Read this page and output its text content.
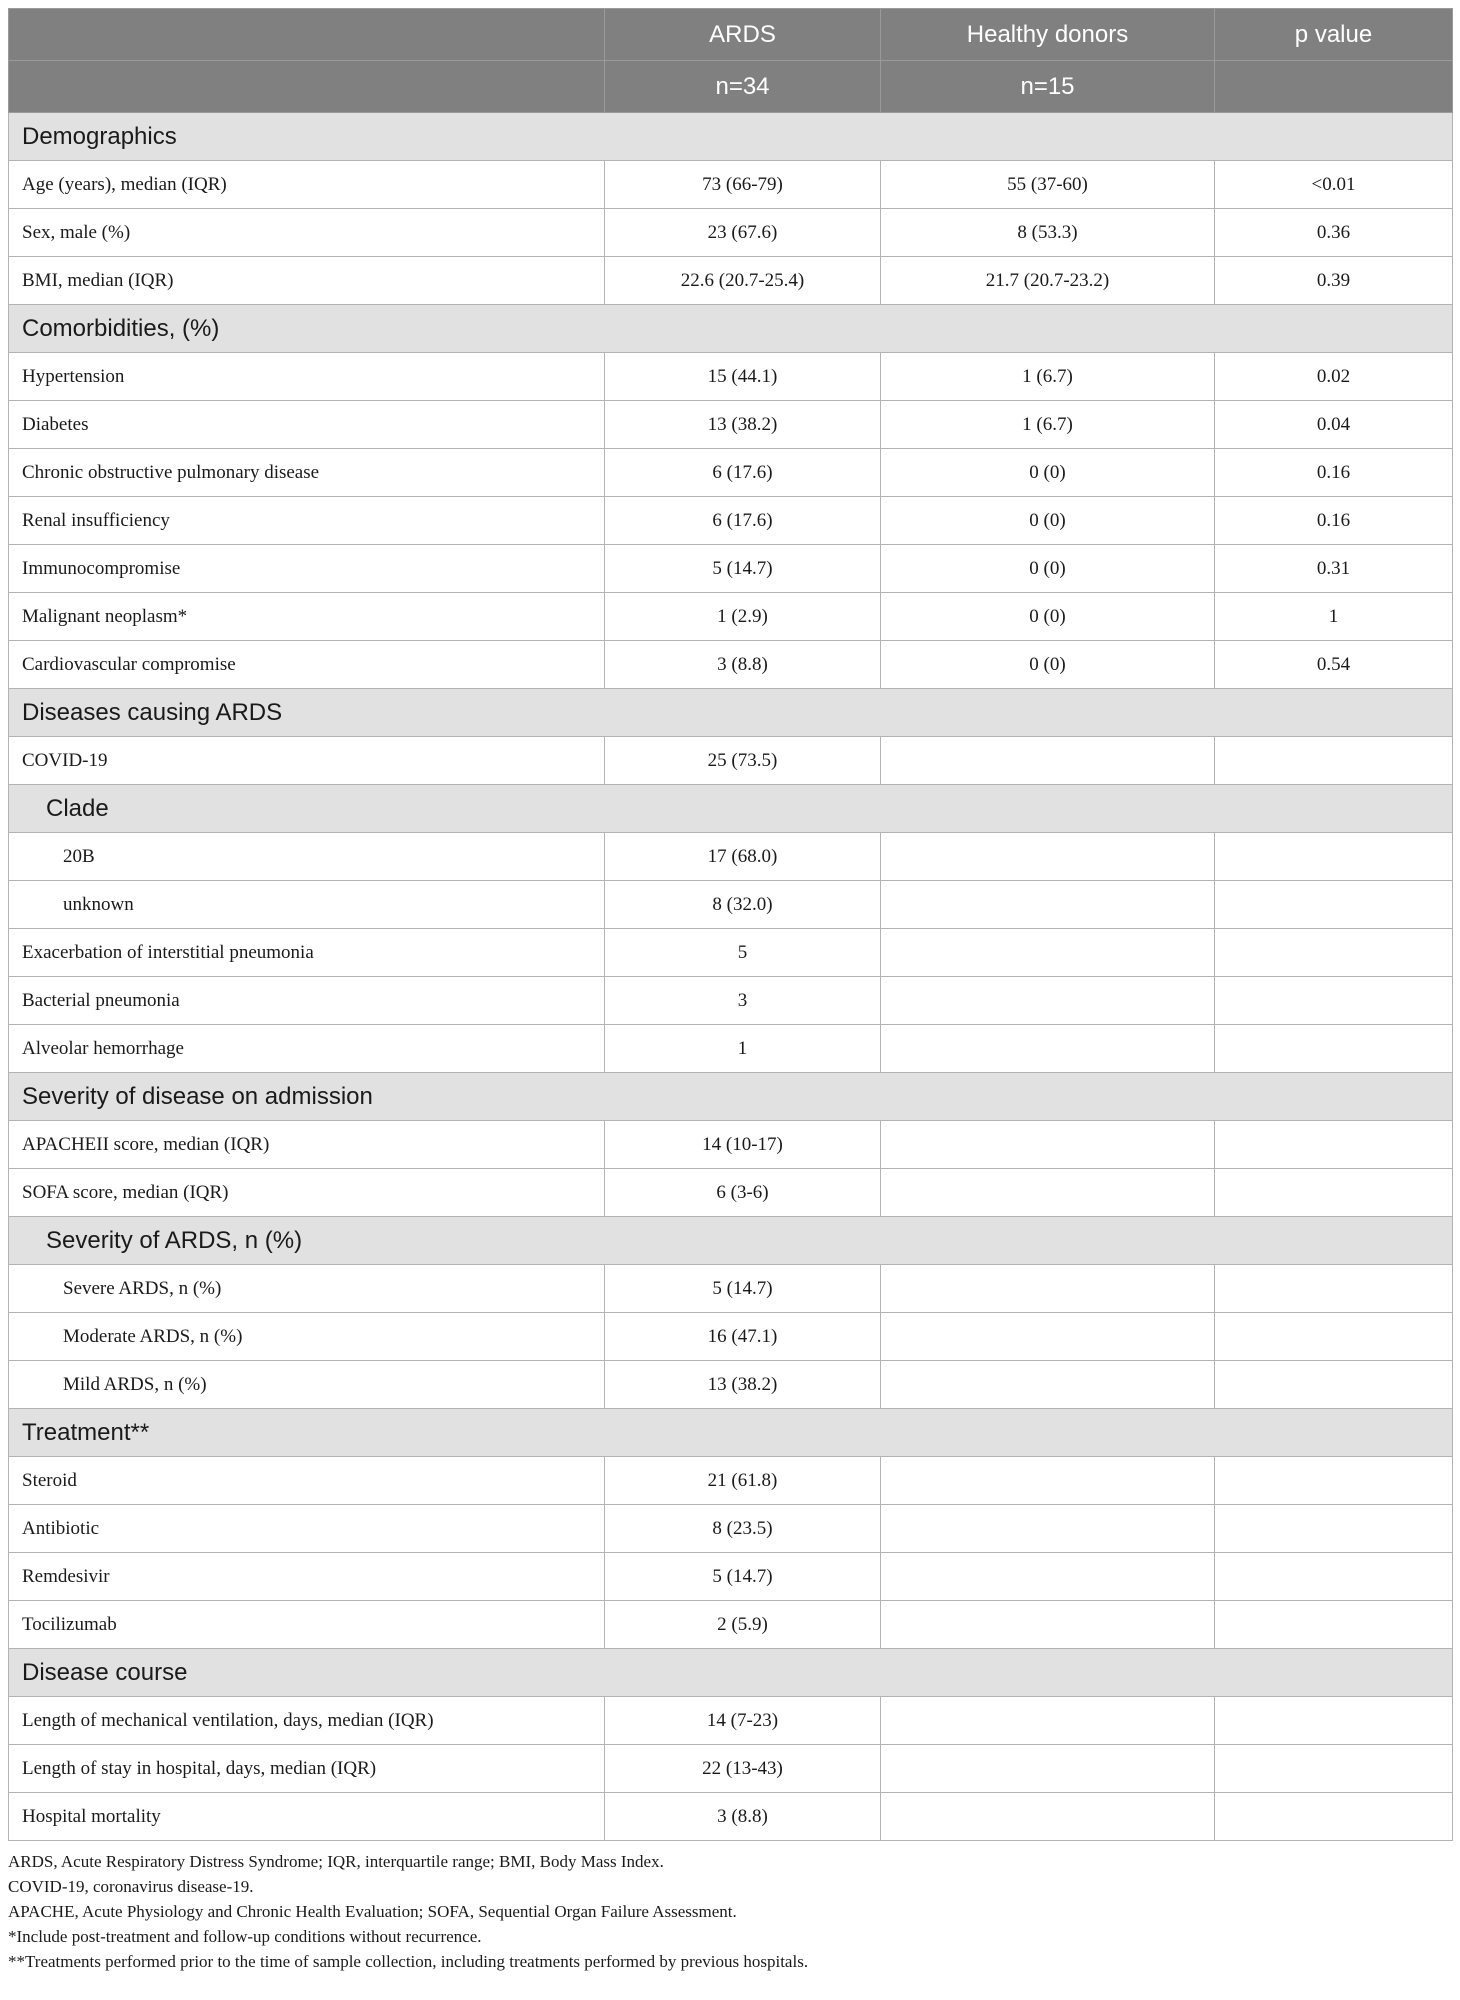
	ARDS	Healthy donors	p value
	n=34	n=15	
Demographics			
Age (years), median (IQR)	73 (66-79)	55 (37-60)	<0.01
Sex, male (%)	23 (67.6)	8 (53.3)	0.36
BMI, median (IQR)	22.6 (20.7-25.4)	21.7 (20.7-23.2)	0.39
Comorbidities, (%)			
Hypertension	15 (44.1)	1 (6.7)	0.02
Diabetes	13 (38.2)	1 (6.7)	0.04
Chronic obstructive pulmonary disease	6 (17.6)	0 (0)	0.16
Renal insufficiency	6 (17.6)	0 (0)	0.16
Immunocompromise	5 (14.7)	0 (0)	0.31
Malignant neoplasm*	1 (2.9)	0 (0)	1
Cardiovascular compromise	3 (8.8)	0 (0)	0.54
Diseases causing ARDS			
COVID-19	25 (73.5)		
Clade			
20B	17 (68.0)		
unknown	8 (32.0)		
Exacerbation of interstitial pneumonia	5		
Bacterial pneumonia	3		
Alveolar hemorrhage	1		
Severity of disease on admission			
APACHEII score, median (IQR)	14 (10-17)		
SOFA score, median (IQR)	6 (3-6)		
Severity of ARDS, n (%)			
Severe ARDS, n (%)	5 (14.7)		
Moderate ARDS, n (%)	16 (47.1)		
Mild ARDS, n (%)	13 (38.2)		
Treatment**			
Steroid	21 (61.8)		
Antibiotic	8 (23.5)		
Remdesivir	5 (14.7)		
Tocilizumab	2 (5.9)		
Disease course			
Length of mechanical ventilation, days, median (IQR)	14 (7-23)		
Length of stay in hospital, days, median (IQR)	22 (13-43)		
Hospital mortality	3 (8.8)		
ARDS, Acute Respiratory Distress Syndrome; IQR, interquartile range; BMI, Body Mass Index.
COVID-19, coronavirus disease-19.
APACHE, Acute Physiology and Chronic Health Evaluation; SOFA, Sequential Organ Failure Assessment.
*Include post-treatment and follow-up conditions without recurrence.
**Treatments performed prior to the time of sample collection, including treatments performed by previous hospitals.
